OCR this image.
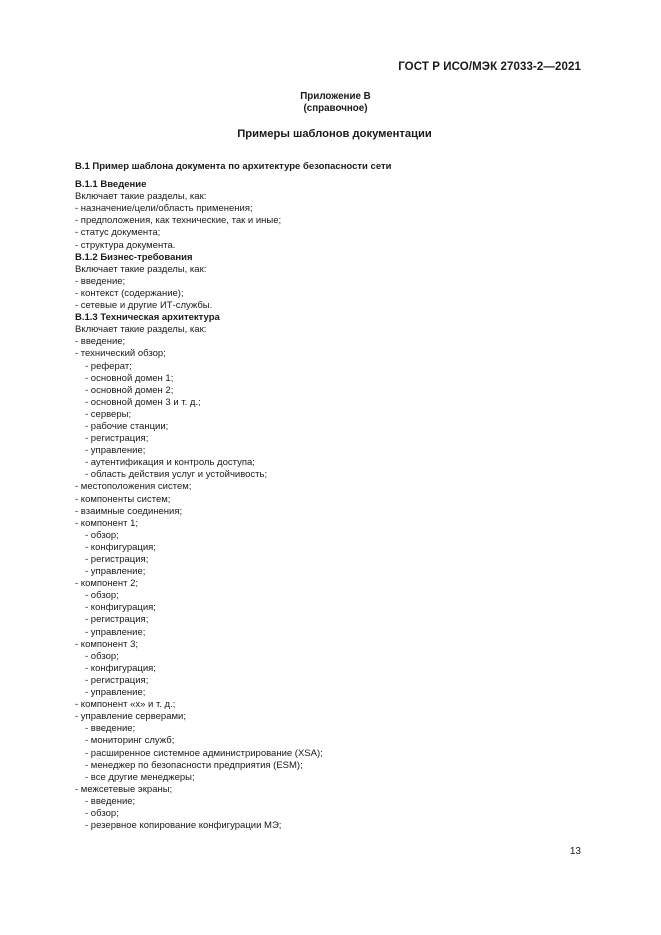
ГОСТ Р ИСО/МЭК 27033-2—2021
Приложение В
(справочное)
Примеры шаблонов документации
В.1 Пример шаблона документа по архитектуре безопасности сети
В.1.1 Введение
Включает такие разделы, как:
- назначение/цели/область применения;
- предположения, как технические, так и иные;
- статус документа;
- структура документа.
В.1.2 Бизнес-требования
Включает такие разделы, как:
- введение;
- контекст (содержание);
- сетевые и другие ИТ-службы.
В.1.3 Техническая архитектура
Включает такие разделы, как:
- введение;
- технический обзор;
- реферат;
- основной домен 1;
- основной домен 2;
- основной домен 3 и т. д.;
- серверы;
- рабочие станции;
- регистрация;
- управление;
- аутентификация и контроль доступа;
- область действия услуг и устойчивость;
- местоположения систем;
- компоненты систем;
- взаимные соединения;
- компонент 1;
- обзор;
- конфигурация;
- регистрация;
- управление;
- компонент 2;
- обзор;
- конфигурация;
- регистрация;
- управление;
- компонент 3;
- обзор;
- конфигурация;
- регистрация;
- управление;
- компонент «х» и т. д.;
- управление серверами;
- введение;
- мониторинг служб;
- расширенное системное администрирование (XSA);
- менеджер по безопасности предприятия (ESM);
- все другие менеджеры;
- межсетевые экраны;
- введение;
- обзор;
- резервное копирование конфигурации МЭ;
13
